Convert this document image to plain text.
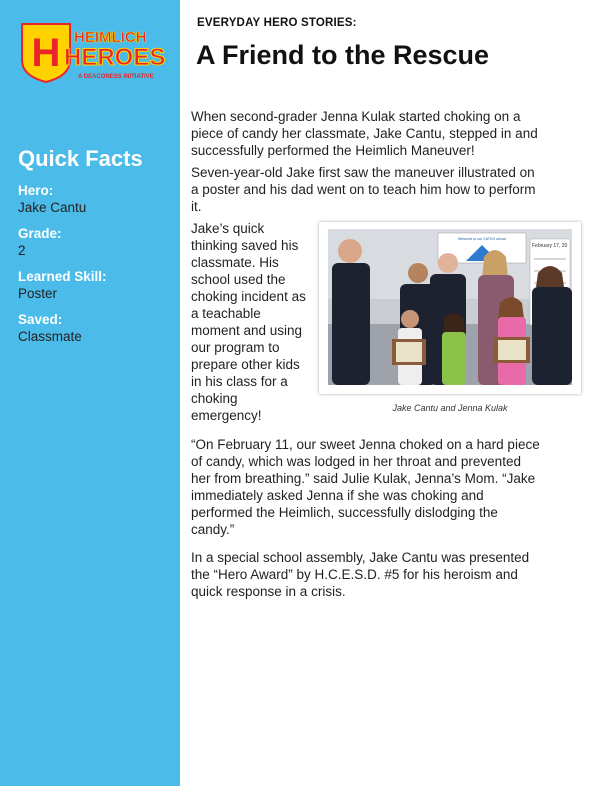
H HEIMLICH
HEROES
A DEACONESS INITIATIVE
Quick Facts
Hero:
Jake Cantu
Grade:
2
Learned Skill:
Poster
Saved:
Classmate
EVERYDAY HERO STORIES:
A Friend to the Rescue

When second-grader Jenna Kulak started choking on a piece of candy her classmate, Jake Cantu, stepped in and successfully performed the Heimlich Maneuver!

Seven-year-old Jake first saw the maneuver illustrated on a poster and his dad went on to teach him how to perform it.

Jake’s quick thinking saved his classmate. His school used the choking incident as a teachable moment and using our program to prepare other kids in his class for a choking emergency!

Welcome to our CATCH school
February 17, 20
Jake Cantu and Jenna Kulak

“On February 11, our sweet Jenna choked on a hard piece of candy, which was lodged in her throat and prevented her from breathing.” said Julie Kulak, Jenna’s Mom. “Jake immediately asked Jenna if she was choking and performed the Heimlich, successfully dislodging the candy.”

In a special school assembly, Jake Cantu was presented the “Hero Award” by H.C.E.S.D. #5 for his heroism and quick response in a crisis.
